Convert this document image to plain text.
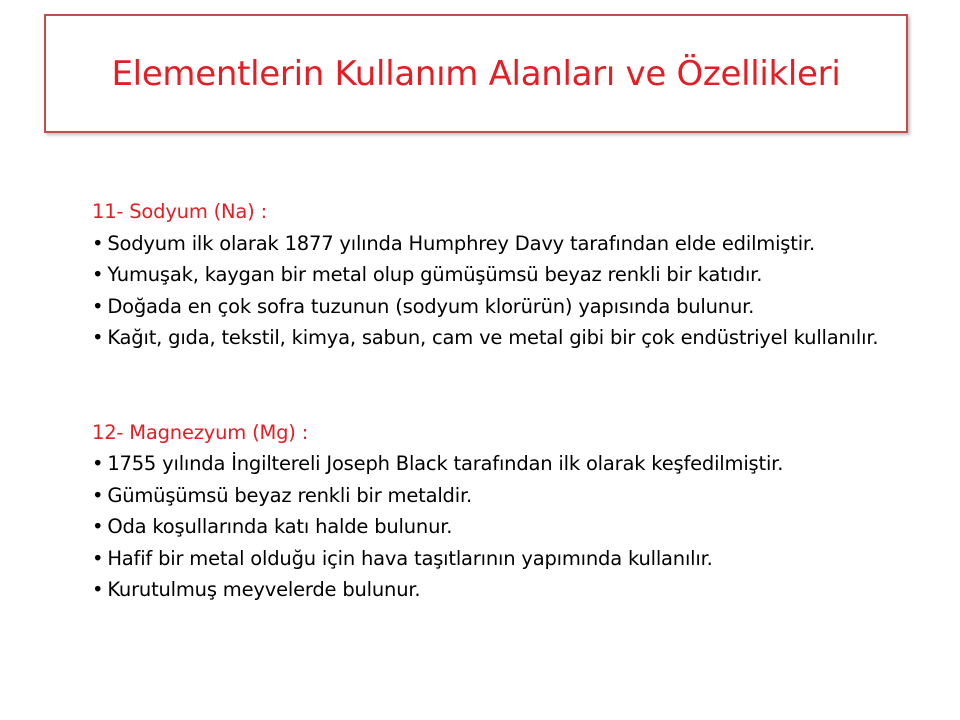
Elementlerin Kullanım Alanları ve Özellikleri

11- Sodyum (Na) :

• Sodyum ilk olarak 1877 yılında Humphrey Davy tarafından elde edilmiştir.

• Yumuşak, kaygan bir metal olup gümüşümsü beyaz renkli bir katıdır.

• Doğada en çok sofra tuzunun (sodyum klorürün) yapısında bulunur.

• Kağıt, gıda, tekstil, kimya, sabun, cam ve metal gibi bir çok endüstriyel kullanılır.

12- Magnezyum (Mg) :

• 1755 yılında İngiltereli Joseph Black tarafından ilk olarak keşfedilmiştir.

• Gümüşümsü beyaz renkli bir metaldir.

• Oda koşullarında katı halde bulunur.

• Hafif bir metal olduğu için hava taşıtlarının yapımında kullanılır.

• Kurutulmuş meyvelerde bulunur.
